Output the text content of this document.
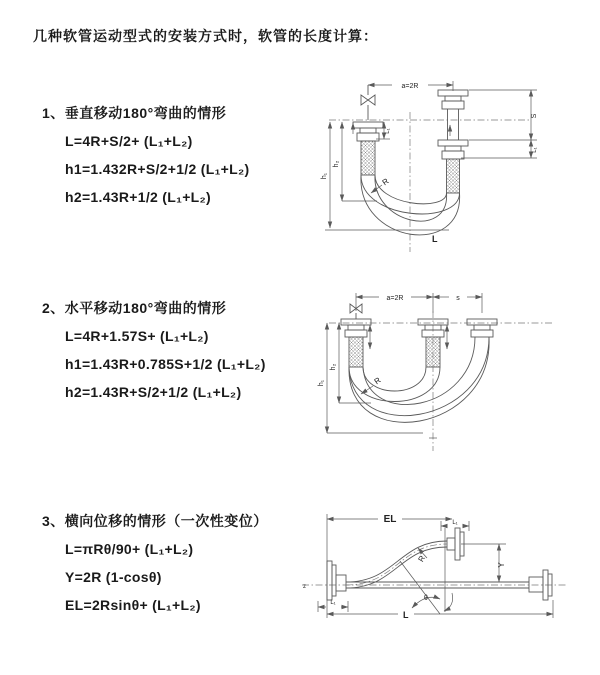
几种软管运动型式的安装方式时，软管的长度计算：
1、垂直移动180°弯曲的情形
L=4R+S/2+ (L₁+L₂)
h1=1.432R+S/2+1/2 (L₁+L₂)
h2=1.43R+1/2 (L₁+L₂)
a=2R
h₁
h₂
L₁
S
L₁
R
L
2、水平移动180°弯曲的情形
L=4R+1.57S+ (L₁+L₂)
h1=1.43R+0.785S+1/2 (L₁+L₂)
h2=1.43R+S/2+1/2 (L₁+L₂)
a=2R	s
h₁
h₂
R
3、横向位移的情形（一次性变位）
L=πRθ/90+ (L₁+L₂)
Y=2R (1-cosθ)
EL=2Rsinθ+ (L₁+L₂)
EL	L₁
Y
R
θ
L₁
L
z
